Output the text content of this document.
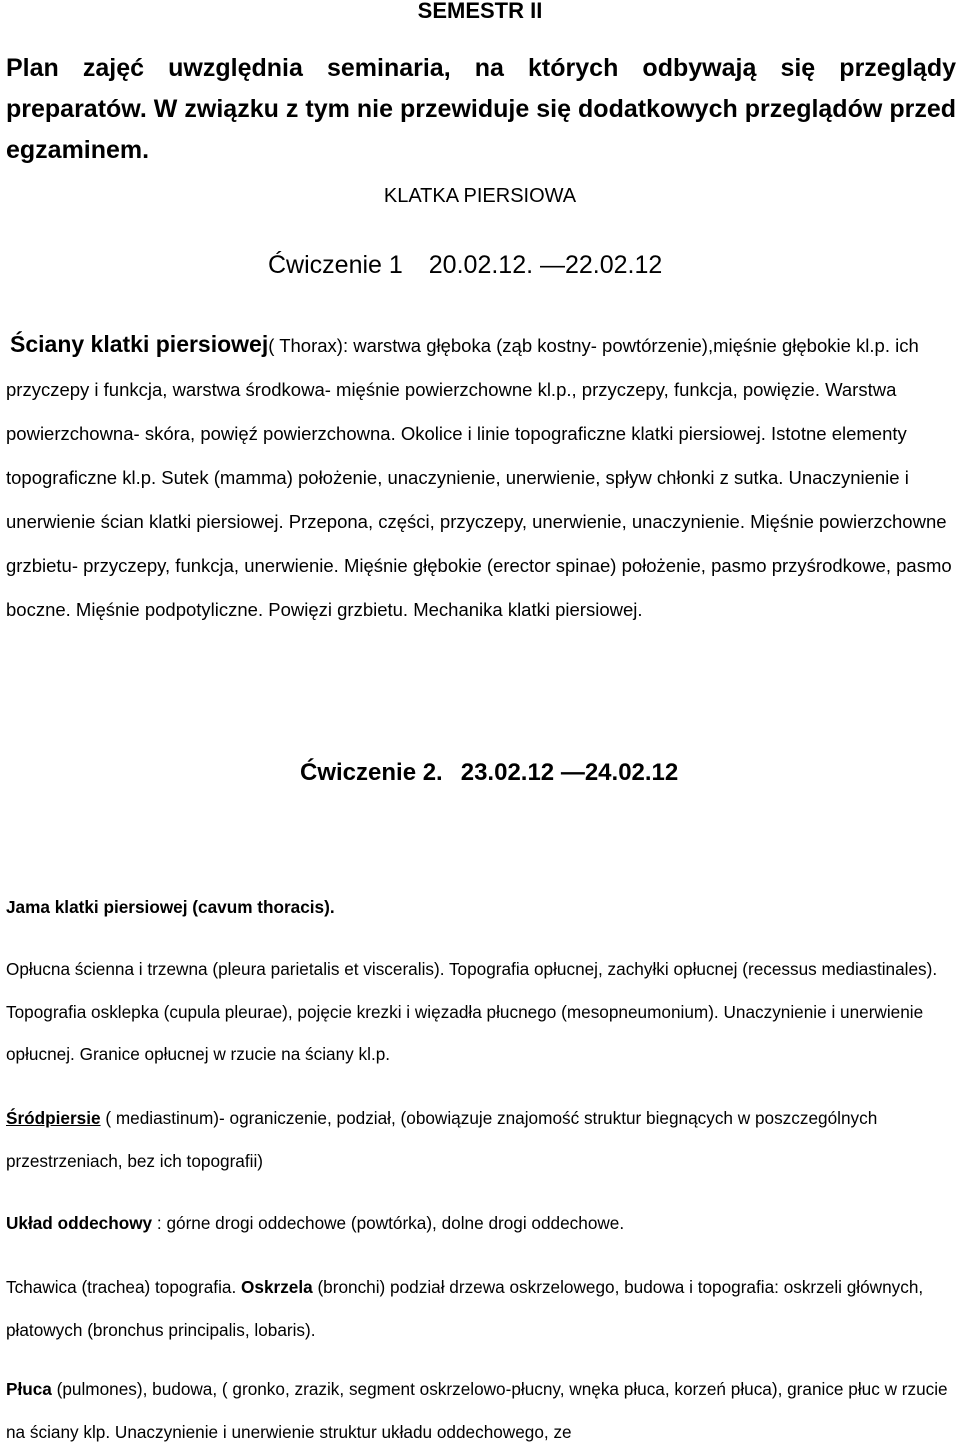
SEMESTR II
Plan zajęć uwzględnia seminaria, na których odbywają się przeglądy preparatów. W związku z tym nie przewiduje się dodatkowych przeglądów przed egzaminem.
KLATKA PIERSIOWA
Ćwiczenie 1 20.02.12. —22.02.12
Ściany klatki piersiowej( Thorax): warstwa głęboka (ząb kostny- powtórzenie),mięśnie głębokie kl.p. ich przyczepy i funkcja, warstwa środkowa- mięśnie powierzchowne kl.p., przyczepy, funkcja, powięzie. Warstwa powierzchowna- skóra, powięź powierzchowna. Okolice i linie topograficzne klatki piersiowej. Istotne elementy topograficzne kl.p. Sutek (mamma) położenie, unaczynienie, unerwienie, spływ chłonki z sutka. Unaczynienie i unerwienie ścian klatki piersiowej. Przepona, części, przyczepy, unerwienie, unaczynienie. Mięśnie powierzchowne grzbietu- przyczepy, funkcja, unerwienie. Mięśnie głębokie (erector spinae) położenie, pasmo przyśrodkowe, pasmo boczne. Mięśnie podpotyliczne. Powięzi grzbietu. Mechanika klatki piersiowej.
Ćwiczenie 2. 23.02.12 —24.02.12
Jama klatki piersiowej (cavum thoracis).
Opłucna ścienna i trzewna (pleura parietalis et visceralis). Topografia opłucnej, zachyłki opłucnej (recessus mediastinales). Topografia osklepka (cupula pleurae), pojęcie krezki i więzadła płucnego (mesopneumonium). Unaczynienie i unerwienie opłucnej. Granice opłucnej w rzucie na ściany kl.p.
Śródpiersie ( mediastinum)- ograniczenie, podział, (obowiązuje znajomość struktur biegnących w poszczególnych przestrzeniach, bez ich topografii)
Układ oddechowy : górne drogi oddechowe (powtórka), dolne drogi oddechowe.
Tchawica (trachea) topografia. Oskrzela (bronchi) podział drzewa oskrzelowego, budowa i topografia: oskrzeli głównych, płatowych (bronchus principalis, lobaris).
Płuca (pulmones), budowa, ( gronko, zrazik, segment oskrzelowo-płucny, wnęka płuca, korzeń płuca), granice płuc w rzucie na ściany klp. Unaczynienie i unerwienie struktur układu oddechowego, ze
